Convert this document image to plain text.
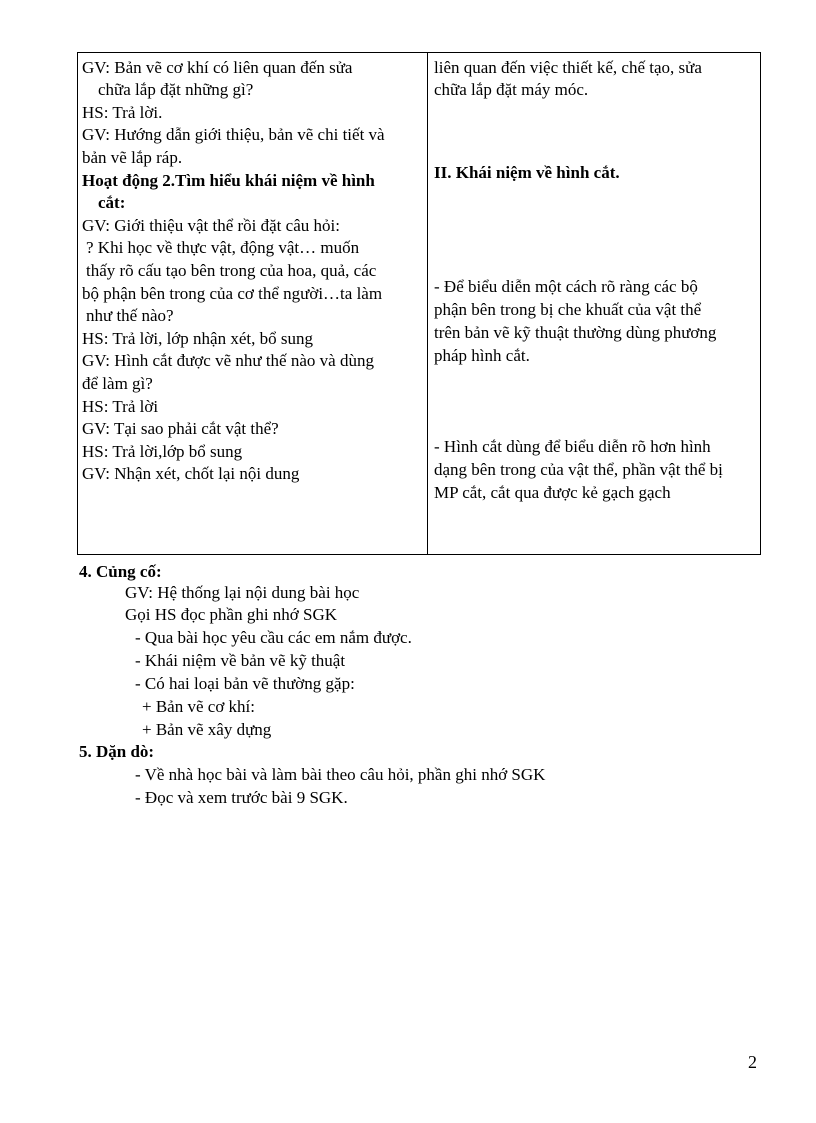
GV: Bản vẽ cơ khí có liên quan đến sửa
chữa lắp đặt những gì?
HS: Trả lời.
GV: Hướng dẫn giới thiệu, bản vẽ chi tiết và
bản vẽ lắp ráp.
Hoạt động 2.Tìm hiểu khái niệm về hình
cắt:
GV: Giới thiệu vật thể rồi đặt câu hỏi:
? Khi học về thực vật, động vật… muốn
thấy rõ cấu tạo bên trong của hoa, quả, các
bộ phận bên trong của cơ thể người…ta làm
như thế nào?
HS: Trả lời, lớp nhận xét, bổ sung
GV: Hình cắt được vẽ như thế nào và dùng
để làm gì?
HS: Trả lời
GV: Tại sao phải cắt vật thể?
HS: Trả lời,lớp bổ sung
GV: Nhận xét, chốt lại nội dung
liên quan đến việc thiết kế, chế tạo, sửa
chữa lắp đặt máy móc.
II. Khái niệm về hình cắt.
- Để biểu diễn một cách rõ ràng các bộ
phận bên trong bị che khuất của vật thể
trên bản vẽ kỹ thuật thường dùng phương
pháp hình cắt.
- Hình cắt dùng để biểu diễn rõ hơn hình
dạng bên trong của vật thể, phần vật thể bị
MP cắt, cắt qua được kẻ gạch gạch
4. Củng cố:
GV: Hệ thống lại nội dung bài học
Gọi HS đọc phần ghi nhớ SGK
- Qua bài học yêu cầu các em nắm được.
- Khái niệm về bản vẽ kỹ thuật
- Có hai loại bản vẽ thường gặp:
+ Bản vẽ cơ khí:
+ Bản vẽ xây dựng
5. Dặn dò:
- Về nhà học bài và làm bài theo câu hỏi, phần ghi nhớ SGK
- Đọc và xem trước bài 9 SGK.
2
